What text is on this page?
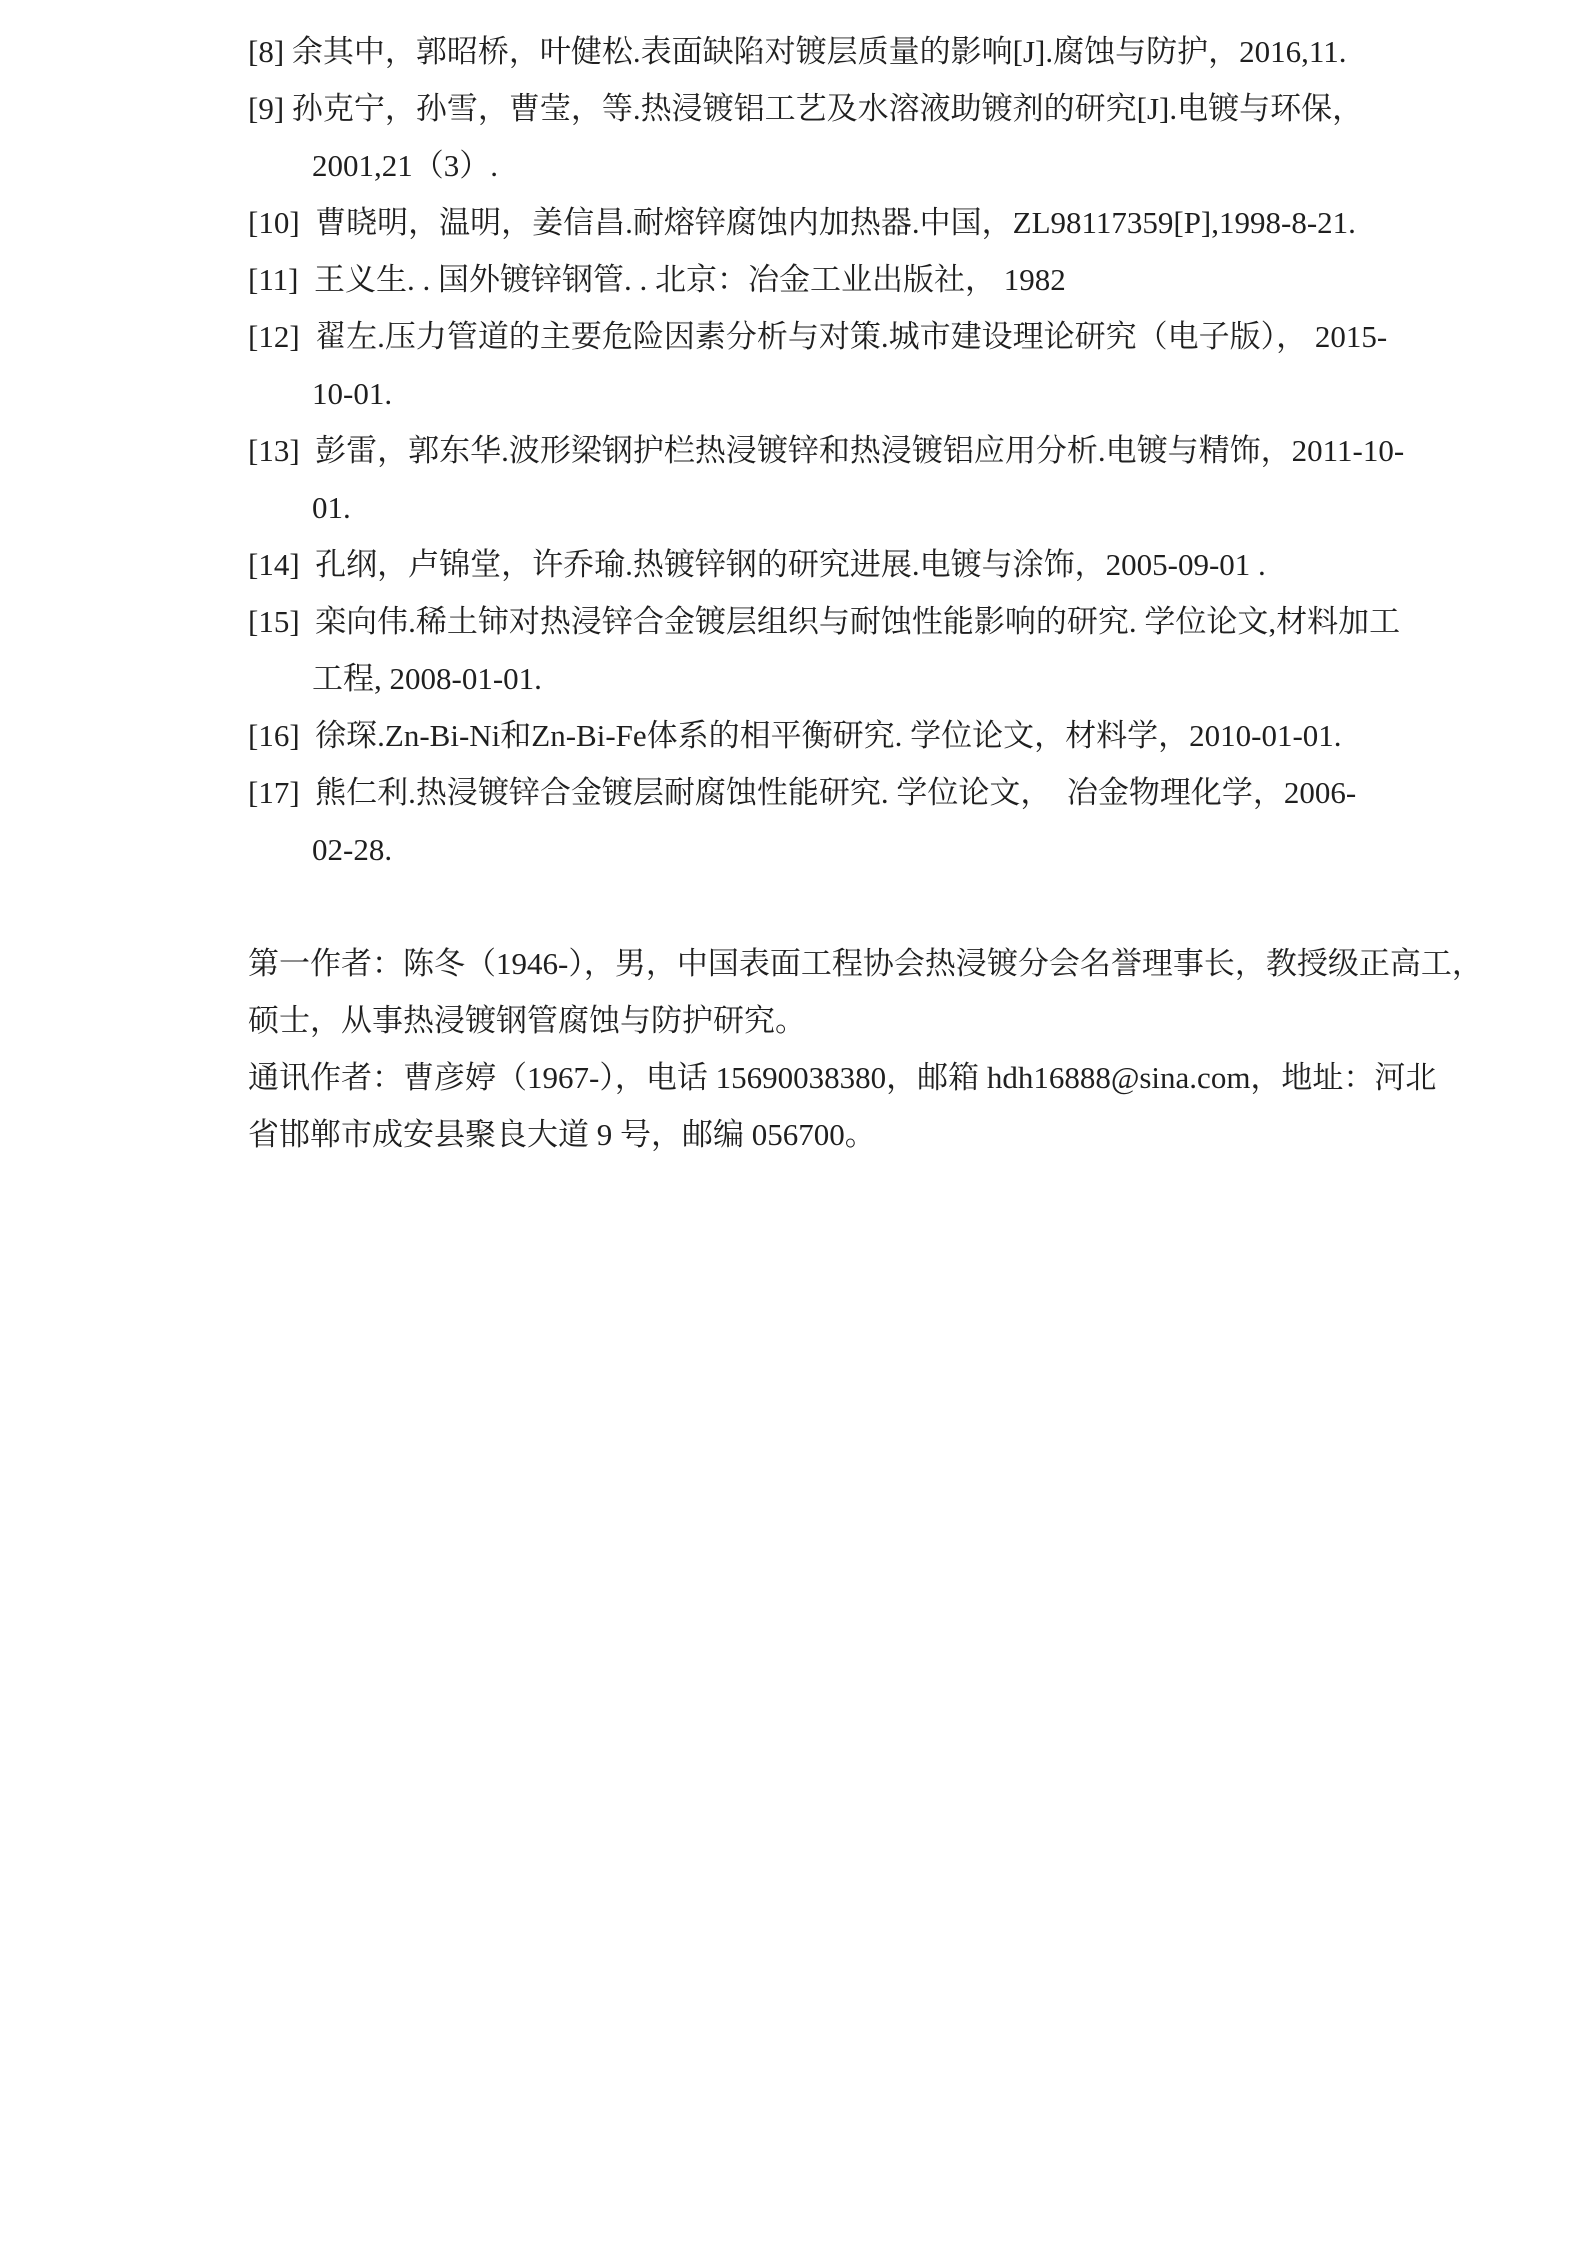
[8] 余其中，郭昭桥，叶健松.表面缺陷对镀层质量的影响[J].腐蚀与防护，2016,11.
[9] 孙克宁，孙雪，曹莹，等.热浸镀铝工艺及水溶液助镀剂的研究[J].电镀与环保，
2001,21（3）.
[10]  曹晓明，温明，姜信昌.耐熔锌腐蚀内加热器.中国，ZL98117359[P],1998-8-21.
[11]  王义生. . 国外镀锌钢管. . 北京：冶金工业出版社， 1982
[12]  翟左.压力管道的主要危险因素分析与对策.城市建设理论研究（电子版）， 2015-
10-01.
[13]  彭雷，郭东华.波形梁钢护栏热浸镀锌和热浸镀铝应用分析.电镀与精饰，2011-10-
01.
[14]  孔纲，卢锦堂，许乔瑜.热镀锌钢的研究进展.电镀与涂饰，2005-09-01 .
[15]  栾向伟.稀土铈对热浸锌合金镀层组织与耐蚀性能影响的研究. 学位论文,材料加工
工程, 2008-01-01.
[16]  徐琛.Zn-Bi-Ni和Zn-Bi-Fe体系的相平衡研究. 学位论文，材料学，2010-01-01.
[17]  熊仁利.热浸镀锌合金镀层耐腐蚀性能研究. 学位论文，  冶金物理化学，2006-
02-28.
第一作者：陈冬（1946-），男，中国表面工程协会热浸镀分会名誉理事长，教授级正高工，
硕士，从事热浸镀钢管腐蚀与防护研究。
通讯作者：曹彦婷（1967-），电话 15690038380，邮箱 hdh16888@sina.com，地址：河北
省邯郸市成安县聚良大道 9 号，邮编 056700。
